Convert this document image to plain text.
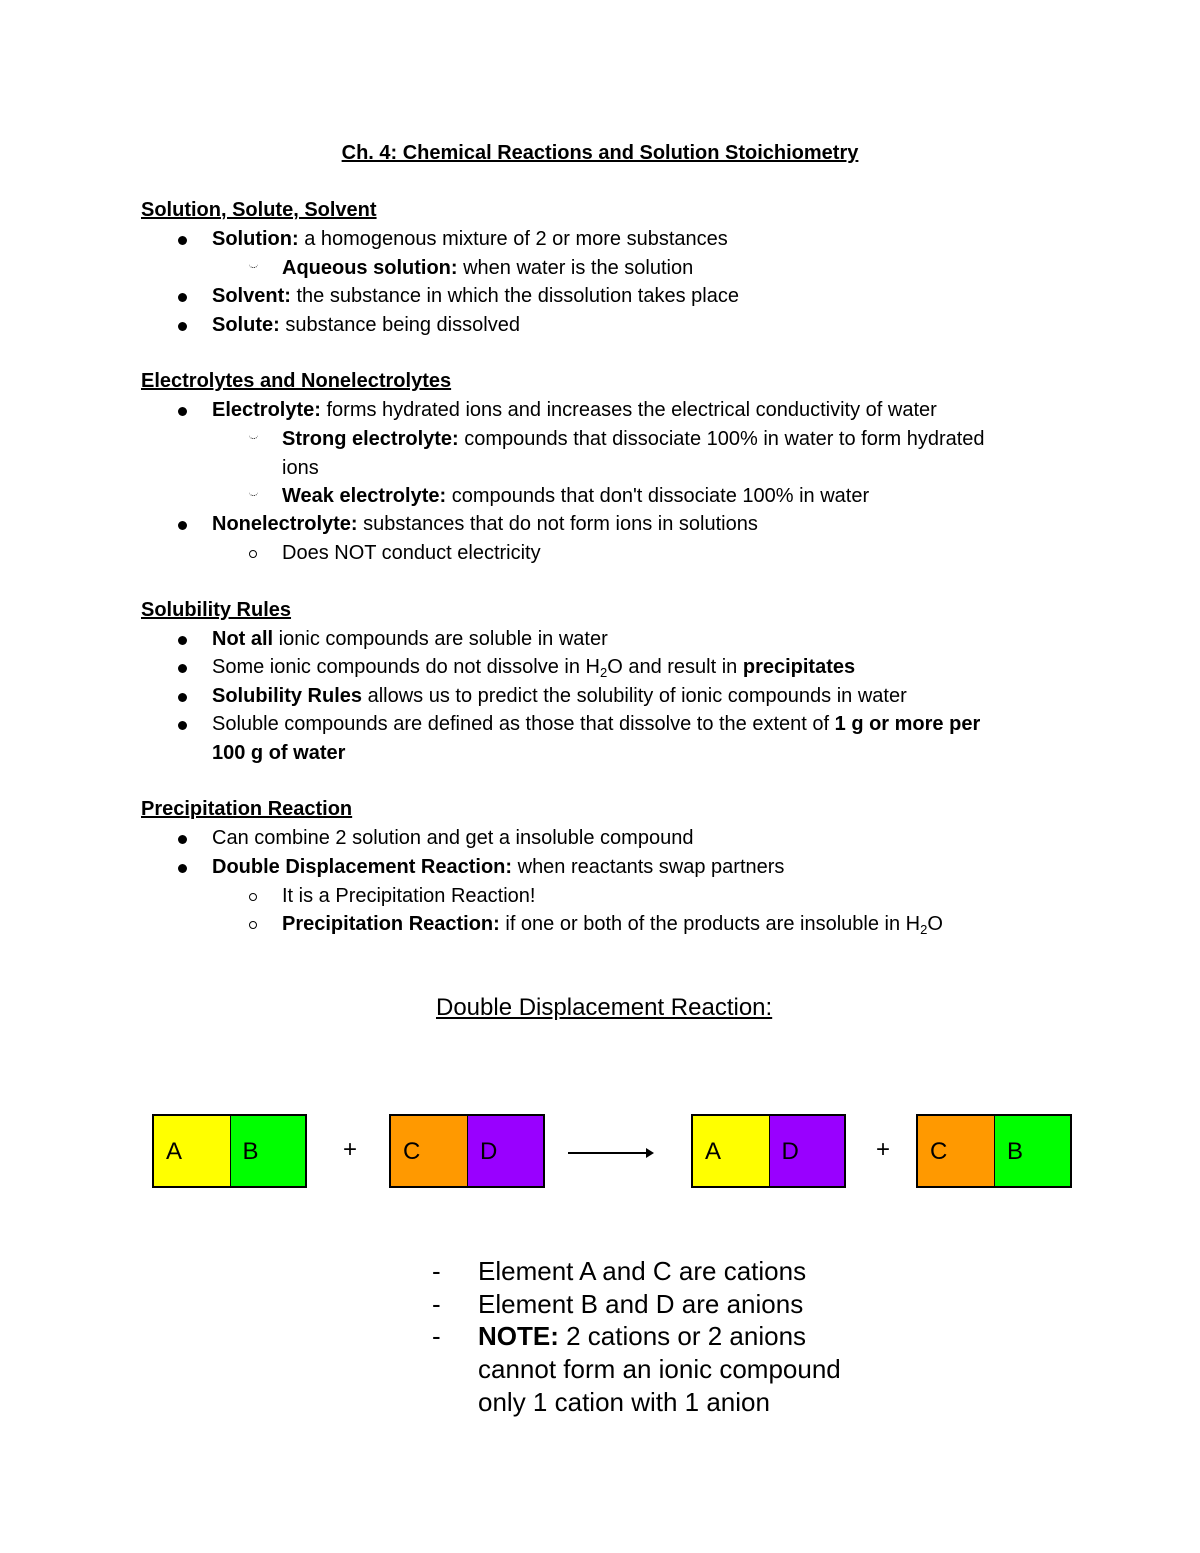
Ch. 4: Chemical Reactions and Solution Stoichiometry
Solution, Solute, Solvent
Solution: a homogenous mixture of 2 or more substances
Aqueous solution: when water is the solution
Solvent: the substance in which the dissolution takes place
Solute: substance being dissolved
Electrolytes and Nonelectrolytes
Electrolyte: forms hydrated ions and increases the electrical conductivity of water
Strong electrolyte: compounds that dissociate 100% in water to form hydrated
ions
Weak electrolyte: compounds that don't dissociate 100% in water
Nonelectrolyte: substances that do not form ions in solutions
Does NOT conduct electricity
Solubility Rules
Not all ionic compounds are soluble in water
Some ionic compounds do not dissolve in $H_2O$ and result in precipitates
Solubility Rules allows us to predict the solubility of ionic compounds in water
Soluble compounds are defined as those that dissolve to the extent of 1 g or more per
100 g of water
Precipitation Reaction
Can combine 2 solution and get a insoluble compound
Double Displacement Reaction: when reactants swap partners
It is a Precipitation Reaction!
Precipitation Reaction: if one or both of the products are insoluble in $H_2O$
Double Displacement Reaction:
A	B	+ C D	A	D	+ C B
- Element A and C are cations
- Element B and D are anions
- NOTE: 2 cations or 2 anions
cannot form an ionic compound
only 1 cation with 1 anion
